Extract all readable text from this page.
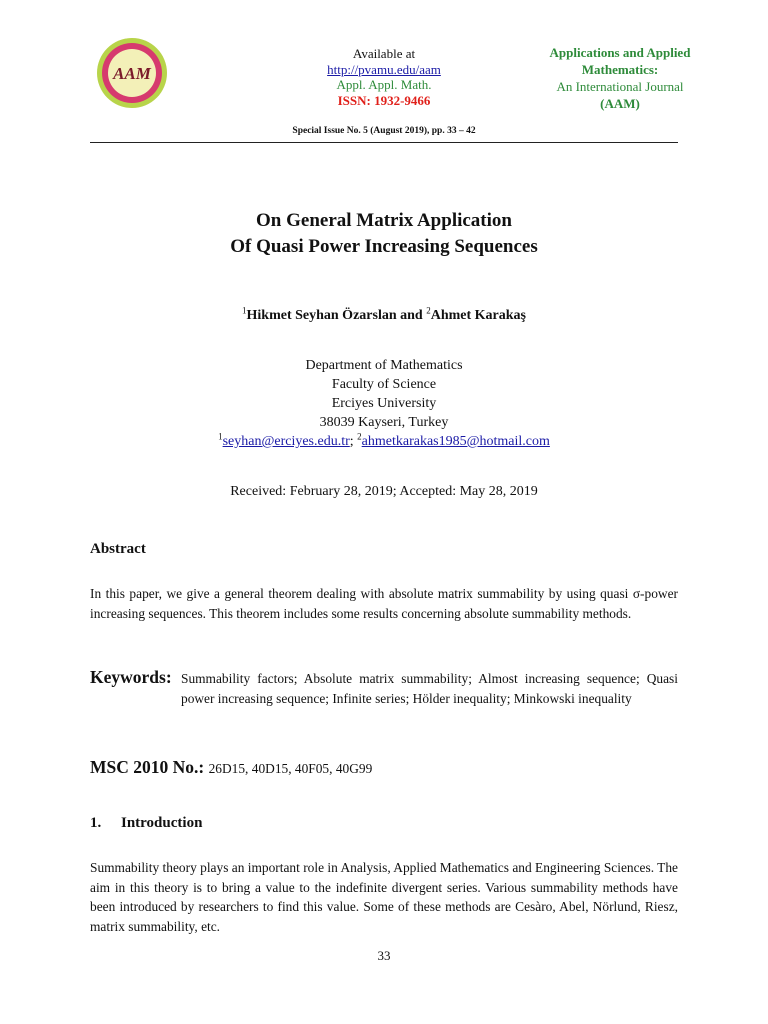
AAM
Available at
http://pvamu.edu/aam
Appl. Appl. Math.
ISSN: 1932-9466
Applications and Applied
Mathematics:
An International Journal
(AAM)
Special Issue No. 5 (August 2019), pp. 33 – 42
On General Matrix Application
Of Quasi Power Increasing Sequences
$^1$Hikmet Seyhan Özarslan and $^2$Ahmet Karakaş
Department of Mathematics
Faculty of Science
Erciyes University
38039 Kayseri, Turkey
$^1$seyhan@erciyes.edu.tr; $^2$ahmetkarakas1985@hotmail.com
Received: February 28, 2019; Accepted: May 28, 2019
Abstract
In this paper, we give a general theorem dealing with absolute matrix summability by using quasi σ-power increasing sequences. This theorem includes some results concerning absolute summability methods.
Keywords: Summability factors; Absolute matrix summability; Almost increasing sequence; Quasi power increasing sequence; Infinite series; Hölder inequality; Minkowski inequality
MSC 2010 No.: 26D15, 40D15, 40F05, 40G99
1. Introduction
Summability theory plays an important role in Analysis, Applied Mathematics and Engineering Sciences. The aim in this theory is to bring a value to the indefinite divergent series. Various summability methods have been introduced by researchers to find this value. Some of these methods are Cesàro, Abel, Nörlund, Riesz, matrix summability, etc.
33
